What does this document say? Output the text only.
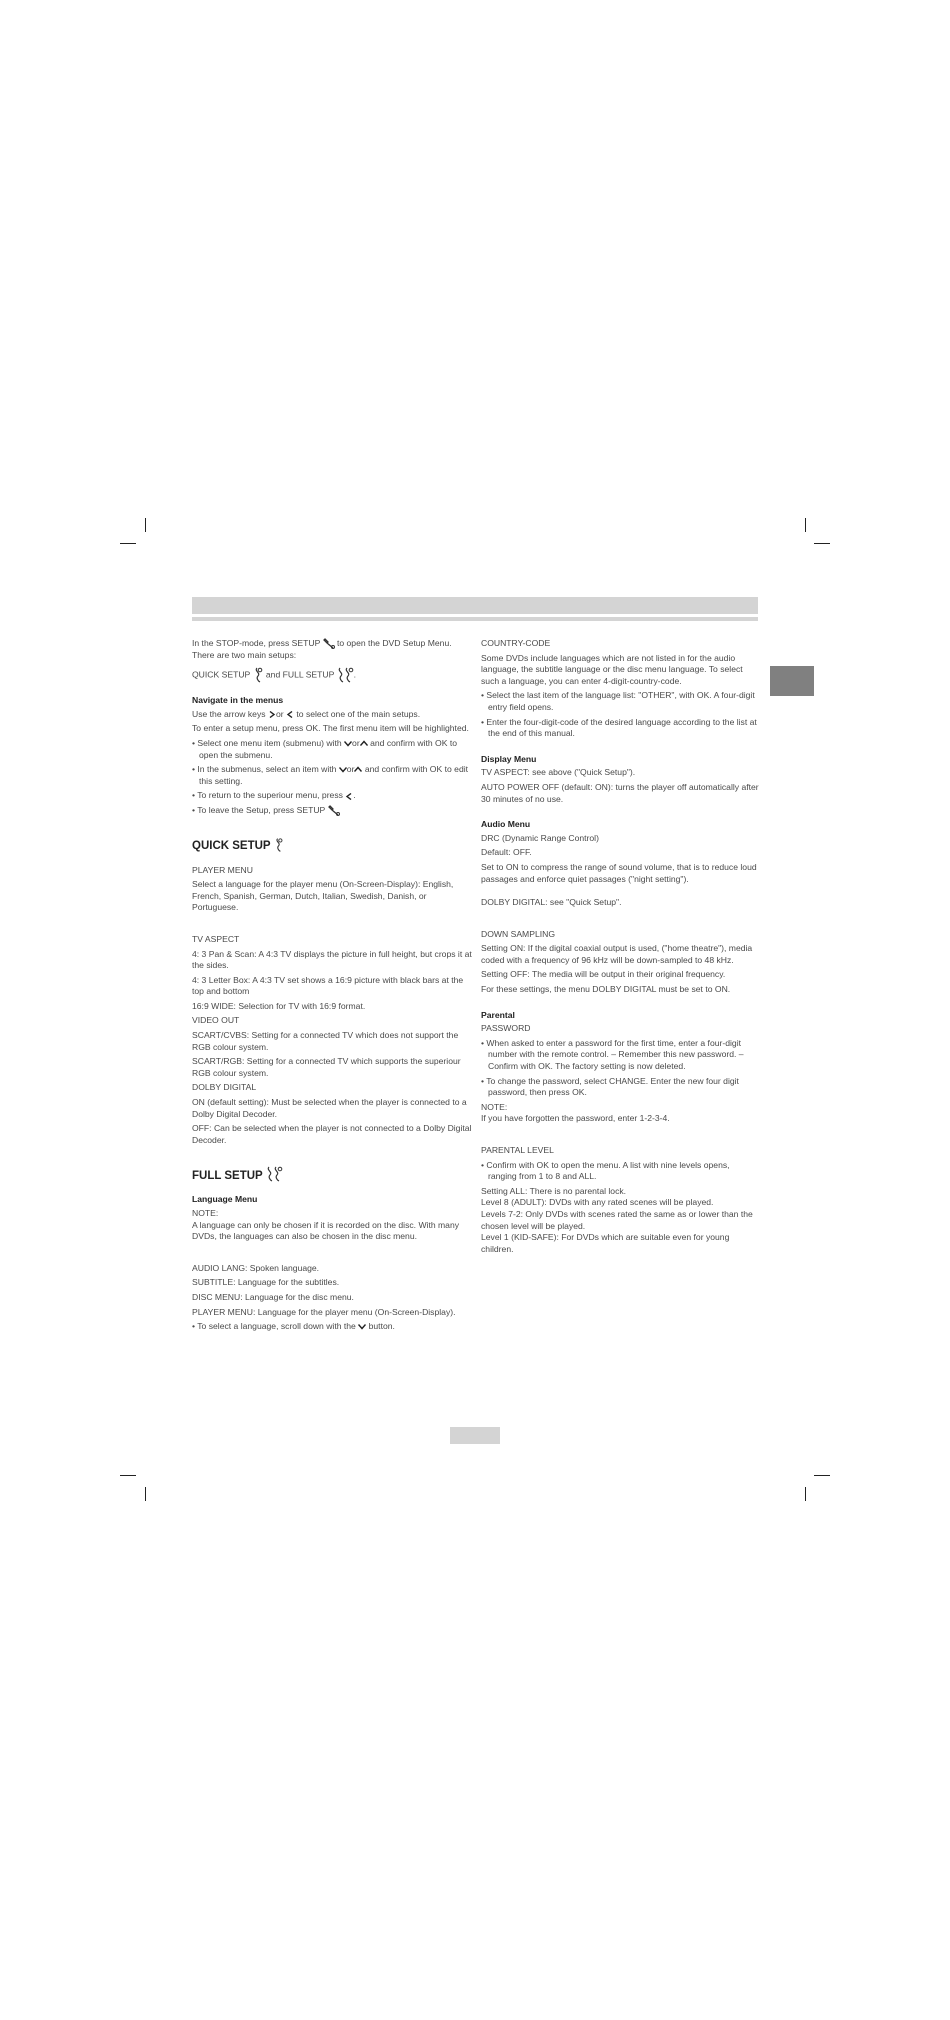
In the STOP-mode, press SETUP to open the DVD Setup Menu. There are two main setups:

QUICK SETUP and FULL SETUP .

Navigate in the menus

Use the arrow keys or to select one of the main setups.

To enter a setup menu, press OK. The first menu item will be highlighted.

• Select one menu item (submenu) with or and confirm with OK to open the submenu.

• In the submenus, select an item with or and confirm with OK to edit this setting.

• To return to the superiour menu, press .

• To leave the Setup, press SETUP

QUICK SETUP

PLAYER MENU

Select a language for the player menu (On-Screen-Display): English, French, Spanish, German, Dutch, Italian, Swedish, Danish, or Portuguese.

TV ASPECT

4: 3 Pan & Scan: A 4:3 TV displays the picture in full height, but crops it at the sides.

4: 3 Letter Box: A 4:3 TV set shows a 16:9 picture with black bars at the top and bottom

16:9 WIDE: Selection for TV with 16:9 format.

VIDEO OUT

SCART/CVBS: Setting for a connected TV which does not support the RGB colour system.

SCART/RGB: Setting for a connected TV which supports the superiour RGB colour system.

DOLBY DIGITAL

ON (default setting): Must be selected when the player is connected to a Dolby Digital Decoder.

OFF: Can be selected when the player is not connected to a Dolby Digital Decoder.

FULL SETUP

Language Menu

NOTE:

A language can only be chosen if it is recorded on the disc. With many DVDs, the languages can also be chosen in the disc menu.

AUDIO LANG: Spoken language.

SUBTITLE: Language for the subtitles.

DISC MENU: Language for the disc menu.

PLAYER MENU: Language for the player menu (On-Screen-Display).

• To select a language, scroll down with the button.

COUNTRY-CODE

Some DVDs include languages which are not listed in for the audio language, the subtitle language or the disc menu language. To select such a language, you can enter 4-digit-country-code.

• Select the last item of the language list: "OTHER", with OK. A four-digit entry field opens.

• Enter the four-digit-code of the desired language according to the list at the end of this manual.

Display Menu

TV ASPECT: see above ("Quick Setup").

AUTO POWER OFF (default: ON): turns the player off automatically after 30 minutes of no use.

Audio Menu

DRC (Dynamic Range Control)

Default: OFF.

Set to ON to compress the range of sound volume, that is to reduce loud passages and enforce quiet passages ("night setting").

DOLBY DIGITAL: see "Quick Setup".

DOWN SAMPLING

Setting ON: If the digital coaxial output is used, ("home theatre"), media coded with a frequency of 96 kHz will be down-sampled to 48 kHz.

Setting OFF: The media will be output in their original frequency.

For these settings, the menu DOLBY DIGITAL must be set to ON.

Parental

PASSWORD

• When asked to enter a password for the first time, enter a four-digit number with the remote control. – Remember this new password. – Confirm with OK. The factory setting is now deleted.

• To change the password, select CHANGE. Enter the new four digit password, then press OK.

NOTE:

If you have forgotten the password, enter 1-2-3-4.

PARENTAL LEVEL

• Confirm with OK to open the menu. A list with nine levels opens, ranging from 1 to 8 and ALL.

Setting ALL: There is no parental lock.

Level 8 (ADULT): DVDs with any rated scenes will be played.

Levels 7-2: Only DVDs with scenes rated the same as or lower than the chosen level will be played.

Level 1 (KID-SAFE): For DVDs which are suitable even for young children.
